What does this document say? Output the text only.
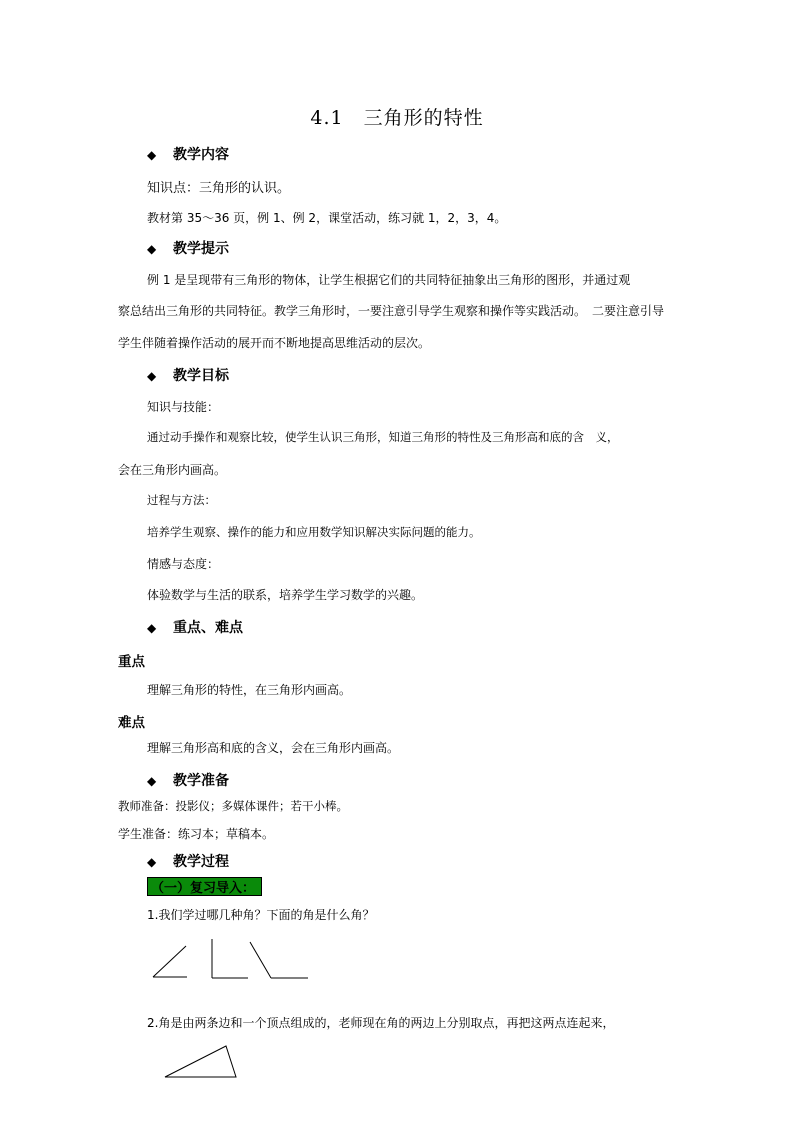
4.1　三角形的特性
◆ 教学内容
知识点：三角形的认识。
教材第 35～36 页，例 1、例 2，课堂活动，练习就 1，2，3，4。
◆ 教学提示
例 1 是呈现带有三角形的物体，让学生根据它们的共同特征抽象出三角形的图形，并通过观
察总结出三角形的共同特征。教学三角形时，一要注意引导学生观察和操作等实践活动。　二要注意引导
学生伴随着操作活动的展开而不断地提高思维活动的层次。
◆ 教学目标
知识与技能：
通过动手操作和观察比较，使学生认识三角形，知道三角形的特性及三角形高和底的含　义，
会在三角形内画高。
过程与方法：
培养学生观察、操作的能力和应用数学知识解决实际问题的能力。
情感与态度：
体验数学与生活的联系，培养学生学习数学的兴趣。
◆ 重点、难点
重点
理解三角形的特性，在三角形内画高。
难点
理解三角形高和底的含义，会在三角形内画高。
◆ 教学准备
教师准备：投影仪；多媒体课件；若干小棒。
学生准备：练习本；草稿本。
◆ 教学过程
（一）复习导入：
1.我们学过哪几种角？下面的角是什么角？
2.角是由两条边和一个顶点组成的，老师现在角的两边上分别取点，再把这两点连起来，
